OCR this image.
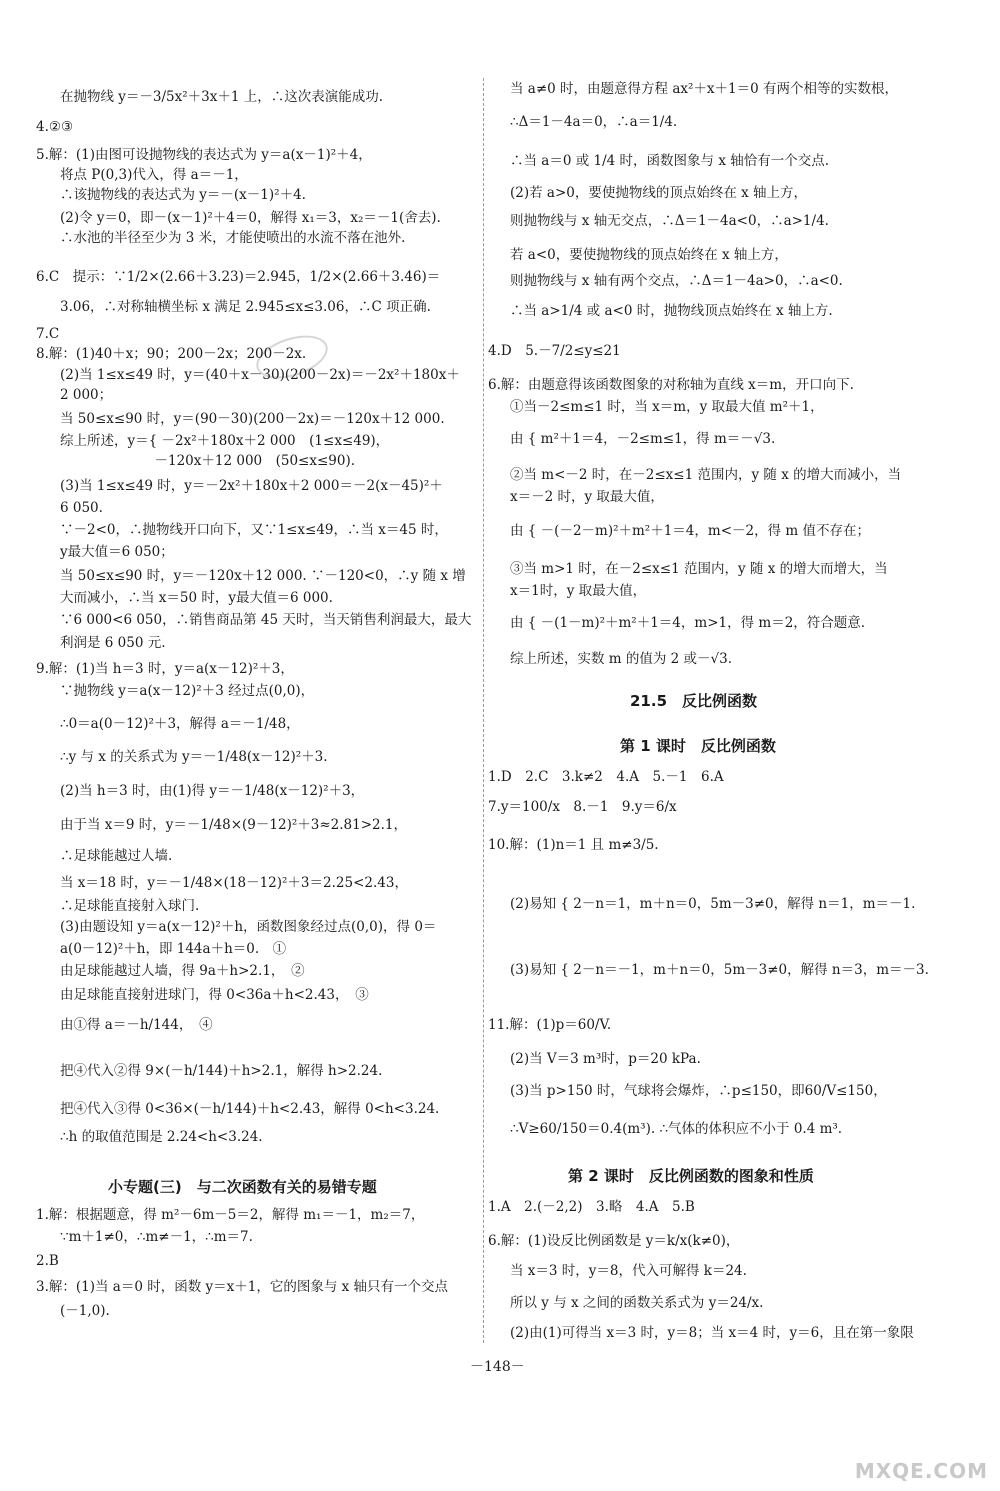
在抛物线 y＝－3/5x²＋3x＋1 上，∴这次表演能成功.
4.②③
5.解：(1)由图可设抛物线的表达式为 y＝a(x－1)²＋4，
将点 P(0,3)代入，得 a＝－1，
∴该抛物线的表达式为 y＝－(x－1)²＋4.
(2)令 y＝0，即－(x－1)²＋4＝0，解得 x₁＝3，x₂＝－1(舍去).
∴水池的半径至少为 3 米，才能使喷出的水流不落在池外.
6.C　提示：∵1/2×(2.66＋3.23)＝2.945，1/2×(2.66＋3.46)＝
3.06，∴对称轴横坐标 x 满足 2.945≤x≤3.06，∴C 项正确.
7.C
8.解：(1)40＋x；90；200－2x；200－2x.
(2)当 1≤x≤49 时，y＝(40＋x－30)(200－2x)＝－2x²＋180x＋
2 000；
当 50≤x≤90 时，y＝(90－30)(200－2x)＝－120x＋12 000.
综上所述，y＝{ －2x²＋180x＋2 000　(1≤x≤49)，
　　　　　　　－120x＋12 000　(50≤x≤90).
(3)当 1≤x≤49 时，y＝－2x²＋180x＋2 000＝－2(x－45)²＋
6 050.
∵－2<0，∴抛物线开口向下，又∵1≤x≤49，∴当 x＝45 时，
y最大值＝6 050；
当 50≤x≤90 时，y＝－120x＋12 000. ∵－120<0，∴y 随 x 增
大而减小，∴当 x＝50 时，y最大值＝6 000.
∵6 000<6 050，∴销售商品第 45 天时，当天销售利润最大，最大
利润是 6 050 元.
9.解：(1)当 h＝3 时，y＝a(x－12)²＋3，
∵抛物线 y＝a(x－12)²＋3 经过点(0,0)，
∴0＝a(0－12)²＋3，解得 a＝－1/48，
∴y 与 x 的关系式为 y＝－1/48(x－12)²＋3.
(2)当 h＝3 时，由(1)得 y＝－1/48(x－12)²＋3，
由于当 x＝9 时，y＝－1/48×(9－12)²＋3≈2.81>2.1，
∴足球能越过人墙.
当 x＝18 时，y＝－1/48×(18－12)²＋3＝2.25<2.43，
∴足球能直接射入球门.
(3)由题设知 y＝a(x－12)²＋h，函数图象经过点(0,0)，得 0＝
a(0－12)²＋h，即 144a＋h＝0.　①
由足球能越过人墙，得 9a＋h>2.1，　②
由足球能直接射进球门，得 0<36a＋h<2.43，　③
由①得 a＝－h/144，　④
把④代入②得 9×(－h/144)＋h>2.1，解得 h>2.24.
把④代入③得 0<36×(－h/144)＋h<2.43，解得 0<h<3.24.
∴h 的取值范围是 2.24<h<3.24.
小专题(三)　与二次函数有关的易错专题
1.解：根据题意，得 m²－6m－5＝2，解得 m₁＝－1，m₂＝7，
∵m＋1≠0，∴m≠－1，∴m＝7.
2.B
3.解：(1)当 a＝0 时，函数 y＝x＋1，它的图象与 x 轴只有一个交点
(－1,0).
当 a≠0 时，由题意得方程 ax²＋x＋1＝0 有两个相等的实数根，
∴Δ＝1－4a＝0，∴a＝1/4.
∴当 a＝0 或 1/4 时，函数图象与 x 轴恰有一个交点.
(2)若 a>0，要使抛物线的顶点始终在 x 轴上方，
则抛物线与 x 轴无交点，∴Δ＝1－4a<0，∴a>1/4.
若 a<0，要使抛物线的顶点始终在 x 轴上方，
则抛物线与 x 轴有两个交点，∴Δ＝1－4a>0，∴a<0.
∴当 a>1/4 或 a<0 时，抛物线顶点始终在 x 轴上方.
4.D　5.－7/2≤y≤21
6.解：由题意得该函数图象的对称轴为直线 x＝m，开口向下.
①当－2≤m≤1 时，当 x＝m，y 取最大值 m²＋1，
由 { m²＋1＝4，－2≤m≤1，得 m＝－√3.
②当 m<－2 时，在－2≤x≤1 范围内，y 随 x 的增大而减小，当
x＝－2 时，y 取最大值，
由 { －(－2－m)²＋m²＋1＝4，m<－2，得 m 值不存在；
③当 m>1 时，在－2≤x≤1 范围内，y 随 x 的增大而增大，当
x＝1时，y 取最大值，
由 { －(1－m)²＋m²＋1＝4，m>1，得 m＝2，符合题意.
综上所述，实数 m 的值为 2 或－√3.
21.5　反比例函数
第 1 课时　反比例函数
1.D　2.C　3.k≠2　4.A　5.－1　6.A
7.y＝100/x　8.－1　9.y＝6/x
10.解：(1)n＝1 且 m≠3/5.
(2)易知 { 2－n＝1，m＋n＝0，5m－3≠0，解得 n＝1，m＝－1.
(3)易知 { 2－n＝－1，m＋n＝0，5m－3≠0，解得 n＝3，m＝－3.
11.解：(1)p＝60/V.
(2)当 V＝3 m³时，p＝20 kPa.
(3)当 p>150 时，气球将会爆炸，∴p≤150，即60/V≤150，
∴V≥60/150＝0.4(m³). ∴气体的体积应不小于 0.4 m³.
第 2 课时　反比例函数的图象和性质
1.A　2.(－2,2)　3.略　4.A　5.B
6.解：(1)设反比例函数是 y＝k/x(k≠0)，
当 x＝3 时，y＝8，代入可解得 k＝24.
所以 y 与 x 之间的函数关系式为 y＝24/x.
(2)由(1)可得当 x＝3 时，y＝8；当 x＝4 时，y＝6，且在第一象限
－148－
MXQE.COM
